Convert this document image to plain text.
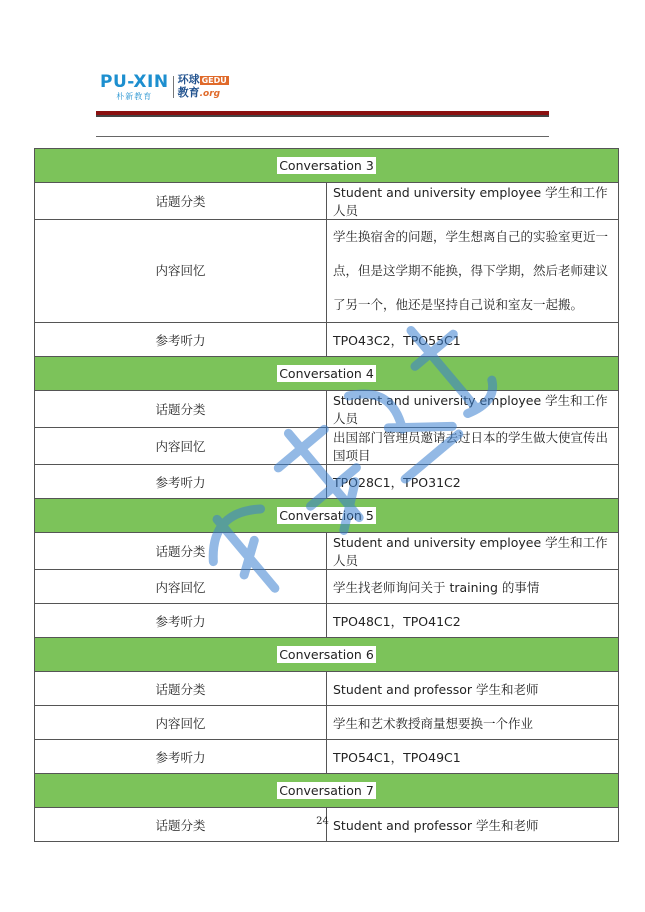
PU-XIN
朴新教育
环球 GEDU
教育.org
Conversation 3	
话题分类	Student and university employee 学生和工作人员
内容回忆	学生换宿舍的问题，学生想离自己的实验室更近一点，但是这学期不能换，得下学期，然后老师建议了另一个，他还是坚持自己说和室友一起搬。
参考听力	TPO43C2，TPO55C1
Conversation 4	
话题分类	Student and university employee 学生和工作人员
内容回忆	出国部门管理员邀请去过日本的学生做大使宣传出国项目
参考听力	TPO28C1，TPO31C2
Conversation 5	
话题分类	Student and university employee 学生和工作人员
内容回忆	学生找老师询问关于 training 的事情
参考听力	TPO48C1，TPO41C2
Conversation 6	
话题分类	Student and professor 学生和老师
内容回忆	学生和艺术教授商量想要换一个作业
参考听力	TPO54C1，TPO49C1
Conversation 7	
话题分类	Student and professor 学生和老师
朴新教育
24
